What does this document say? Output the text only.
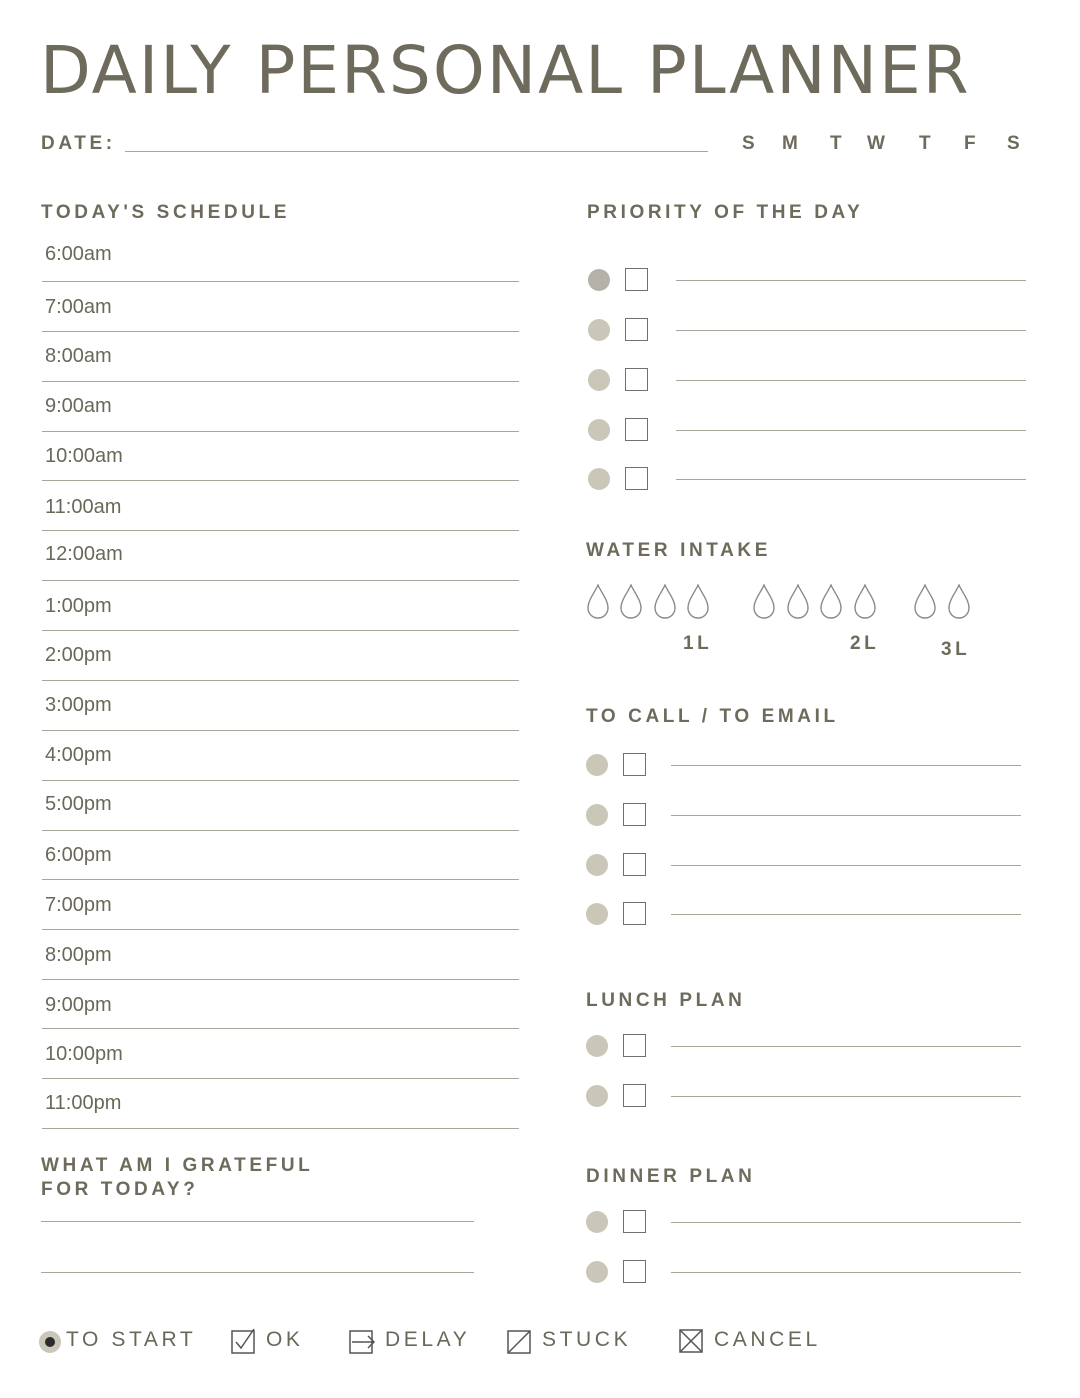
DAILY PERSONAL PLANNER
DATE:	S M T W T F S
TODAY'S SCHEDULE
6:00am
7:00am
8:00am
9:00am
10:00am
11:00am
12:00am
1:00pm
2:00pm
3:00pm
4:00pm
5:00pm
6:00pm
7:00pm
8:00pm
9:00pm
10:00pm
11:00pm
WHAT AM I GRATEFUL
FOR TODAY?
PRIORITY OF THE DAY
WATER INTAKE
1L	2L	3L
TO CALL / TO EMAIL
LUNCH PLAN
DINNER PLAN
TO START	OK	DELAY	STUCK	CANCEL
